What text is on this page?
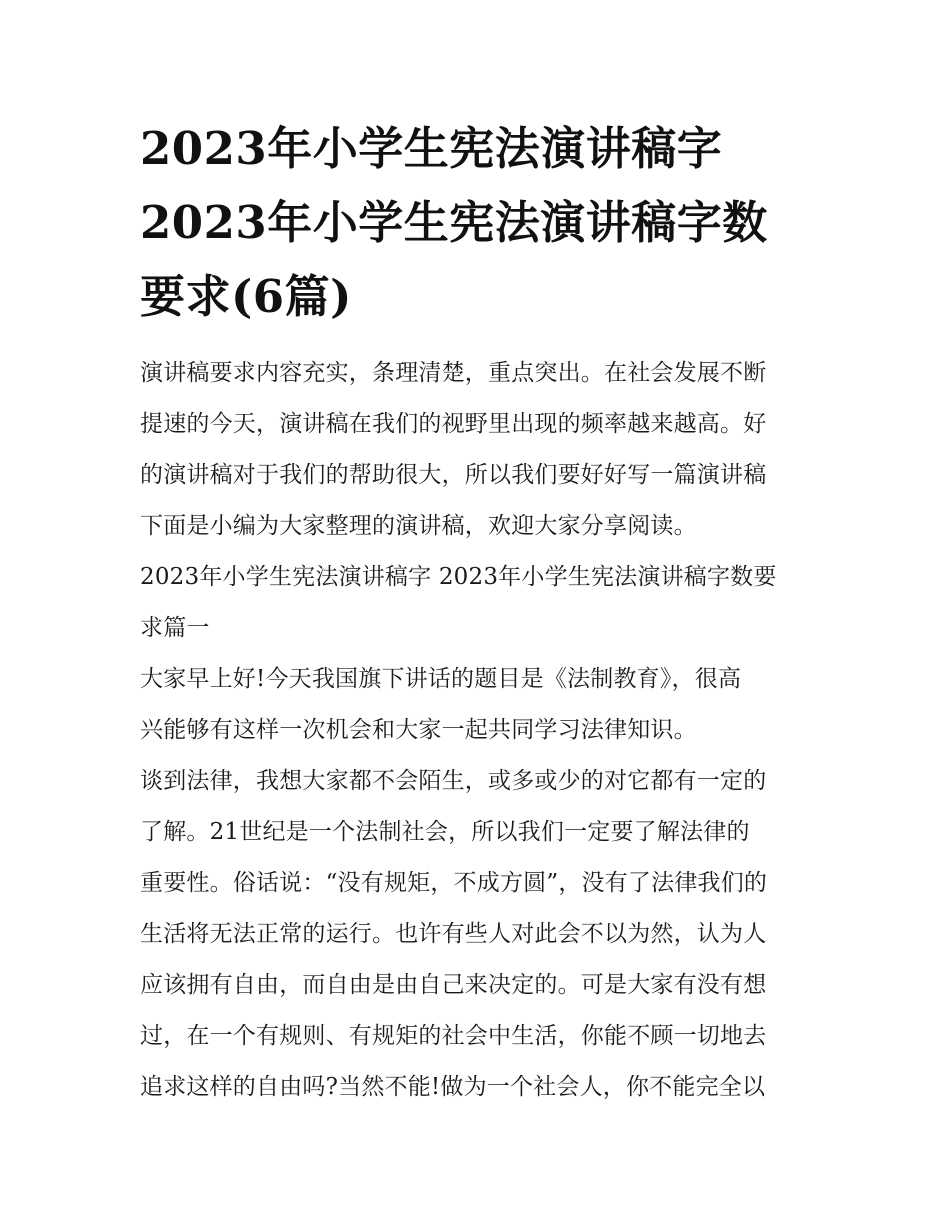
2023年小学生宪法演讲稿字
2023年小学生宪法演讲稿字数
要求(6篇)

演讲稿要求内容充实，条理清楚，重点突出。在社会发展不断
提速的今天，演讲稿在我们的视野里出现的频率越来越高。好
的演讲稿对于我们的帮助很大，所以我们要好好写一篇演讲稿
下面是小编为大家整理的演讲稿，欢迎大家分享阅读。

2023年小学生宪法演讲稿字 2023年小学生宪法演讲稿字数要
求篇一

大家早上好!今天我国旗下讲话的题目是《法制教育》，很高
兴能够有这样一次机会和大家一起共同学习法律知识。

谈到法律，我想大家都不会陌生，或多或少的对它都有一定的
了解。21世纪是一个法制社会，所以我们一定要了解法律的
重要性。俗话说：“没有规矩，不成方圆”，没有了法律我们的
生活将无法正常的运行。也许有些人对此会不以为然，认为人
应该拥有自由，而自由是由自己来决定的。可是大家有没有想
过，在一个有规则、有规矩的社会中生活，你能不顾一切地去
追求这样的自由吗?当然不能!做为一个社会人，你不能完全以
